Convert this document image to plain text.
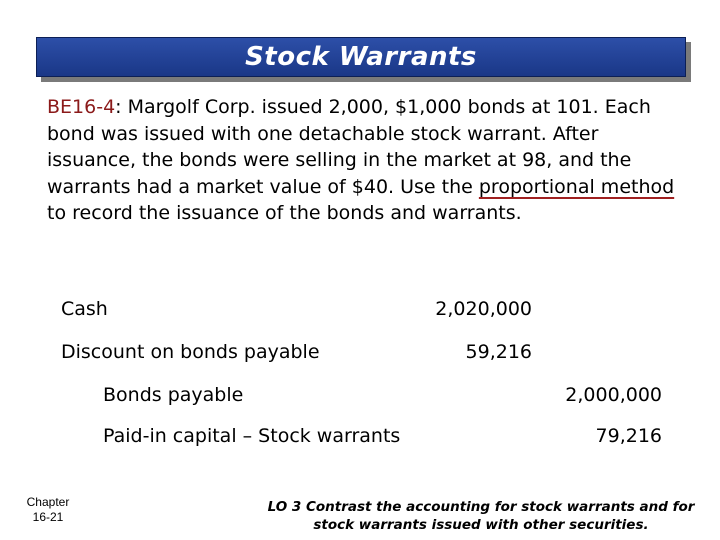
Stock Warrants
BE16-4: Margolf Corp. issued 2,000, $1,000 bonds at 101. Each bond was issued with one detachable stock warrant. After issuance, the bonds were selling in the market at 98, and the warrants had a market value of $40. Use the proportional method to record the issuance of the bonds and warrants.
Cash	2,020,000
Discount on bonds payable	59,216
Bonds payable	2,000,000
Paid-in capital – Stock warrants	79,216
Chapter
16-21
LO 3 Contrast the accounting for stock warrants and for stock warrants issued with other securities.
